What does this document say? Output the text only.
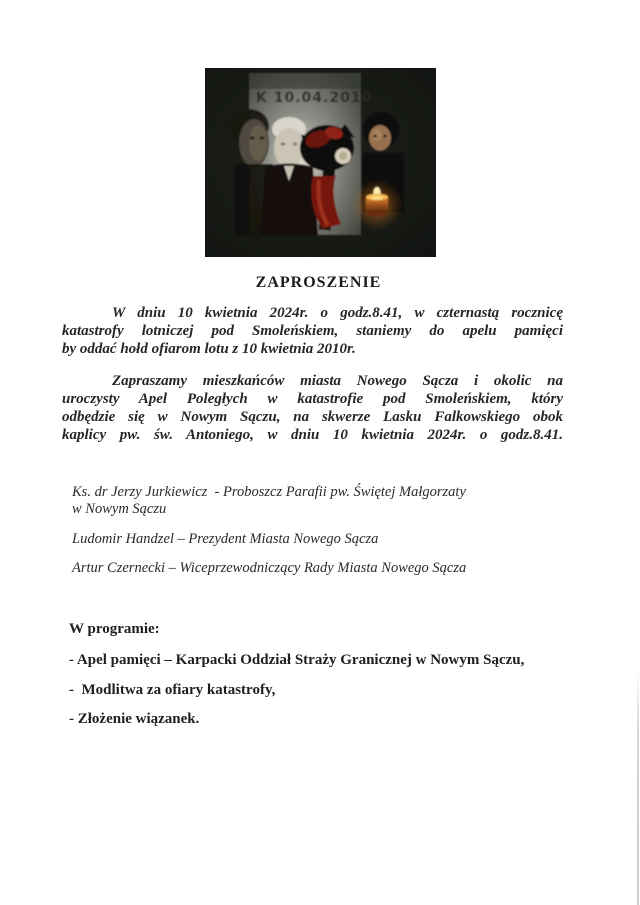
K 10.04.2010
ZAPROSZENIE
W dniu 10 kwietnia 2024r. o godz.8.41, w czternastą rocznicę
katastrofy lotniczej pod Smoleńskiem, staniemy do apelu pamięci
by oddać hołd ofiarom lotu z 10 kwietnia 2010r.
Zapraszamy mieszkańców miasta Nowego Sącza i okolic na
uroczysty Apel Poległych w katastrofie pod Smoleńskiem, który
odbędzie się w Nowym Sączu, na skwerze Lasku Falkowskiego obok
kaplicy pw. św. Antoniego, w dniu 10 kwietnia 2024r. o godz.8.41.
Ks. dr Jerzy Jurkiewicz  - Proboszcz Parafii pw. Świętej Małgorzaty
w Nowym Sączu
Ludomir Handzel – Prezydent Miasta Nowego Sącza
Artur Czernecki – Wiceprzewodniczący Rady Miasta Nowego Sącza
W programie:
- Apel pamięci – Karpacki Oddział Straży Granicznej w Nowym Sączu,
-  Modlitwa za ofiary katastrofy,
- Złożenie wiązanek.
